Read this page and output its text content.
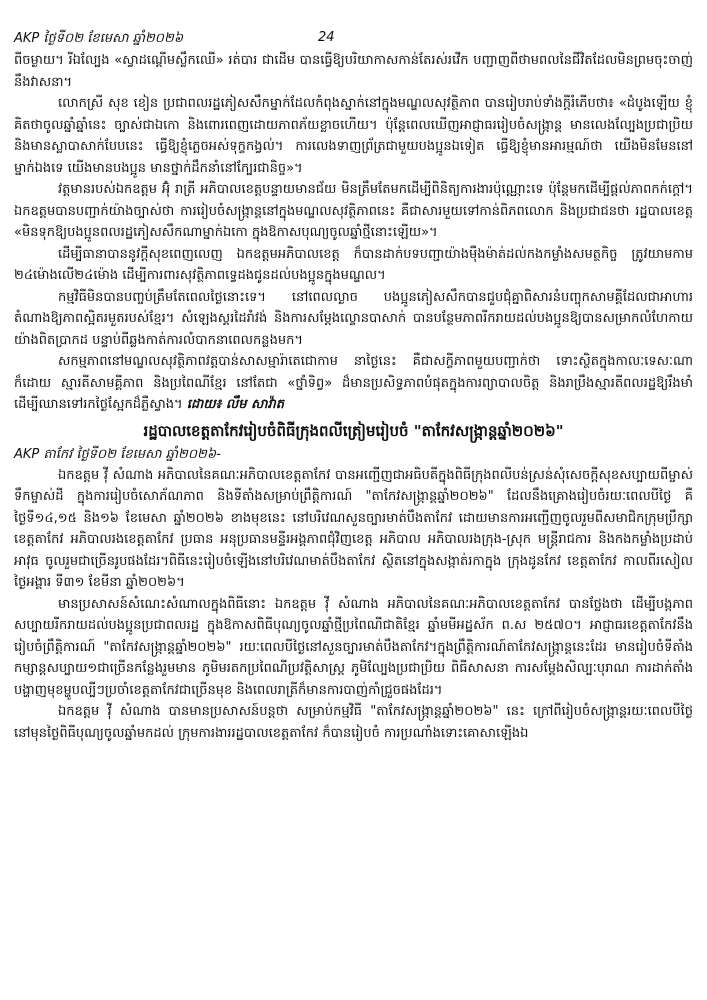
AKP ថ្ងៃទី០២ ខែមេសា ឆ្នាំ២០២៦	24

ពីចម្ងាយ។ រីឯល្បែង «ស្វាដណ្តើមស្លឹកឈើ» រត់បារ ជាដើម បានធ្វើឱ្យបរិយាកាសកាន់តែរស់រវើក បញ្ជាញពីថាមពលនៃជីវិតដែលមិនព្រមចុះចាញ់នឹងវាសនា។

លោកស្រី សុខ ខៀន ប្រជាពលរដ្ឋភៀសសឹកម្នាក់ដែលកំពុងស្នាក់នៅក្នុងមណ្ឌលសុវត្ថិភាព បានរៀបរាប់ទាំងក្តីរំភើបថា៖ «ដំបូងឡើយ ខ្ញុំគិតថាចូលឆ្នាំឆ្នាំនេះ ច្បាស់ជាឯកោ និងពោរពេញដោយភាពភ័យខ្លាចហើយ។ ប៉ុន្តែពេលឃើញអាជ្ញាធររៀបចំសង្ក្រាន្ត មានលេងល្បែងប្រជាប្រិយ និងមានស្លាបាសាក់បែបនេះ ធ្វើឱ្យខ្ញុំភ្លេចអស់ទុក្ខកង្វល់។ ការលេងទាញព្រ័ត្រជាមួយបងប្អូនឯទៀត ធ្វើឱ្យខ្ញុំមានអារម្មណ៍ថា យើងមិនមែននៅម្នាក់ឯងទេ យើងមានបងប្អូន មានថ្នាក់ដឹកនាំនៅក្បែរជានិច្ច»។

វត្តមានរបស់ឯកឧត្តម អ៊ុំ រាត្រី អភិបាលខេត្តបន្ទាយមានជ័យ មិនត្រឹមតែមកដើម្បីពិនិត្យការងារប៉ុណ្ណោះទេ ប៉ុន្តែមកដើម្បីផ្តល់ភាពកក់ក្តៅ។ ឯកឧត្តមបានបញ្ជាក់យ៉ាងច្បាស់ថា ការរៀបចំសង្ក្រាន្តនៅក្នុងមណ្ឌលសុវត្ថិភាពនេះ គឺជាសារមួយទៅកាន់ពិភពលោក និងប្រជាជនថា រដ្ឋបាលខេត្ត «មិនទុកឱ្យបងប្អូនពលរដ្ឋភៀសសឹកណាម្នាក់ឯកោ ក្នុងឱកាសបុណ្យចូលឆ្នាំថ្មីនោះឡើយ»។

ដើម្បីធានាបាននូវក្តីសុខពេញលេញ ឯកឧត្តមអភិបាលខេត្ត ក៏បានដាក់បទបញ្ជាយ៉ាងម៉ឺងម៉ាត់ដល់កងកម្លាំងសមត្ថកិច្ច ត្រូវយាមកាម ២៤ម៉ោងលើ២៤ម៉ោង ដើម្បីការពារសុវត្ថិភាពទ្វេដងជូនដល់បងប្អូនក្នុងមណ្ឌល។

កម្មវិធីមិនបានបញ្ចប់ត្រឹមតែពេលថ្ងៃនោះទេ។ នៅពេលល្ងាច បងប្អូនភៀសសឹកបានជួបជុំគ្នាពិសារនំបញ្ចុកសាមគ្គីដែលជាអាហារតំណាងឱ្យភាពស្អិតរមួតរបស់ខ្មែរ។ សំឡេងស្គរដៃរាំវង់ និងការសម្តែងល្ខោនបាសាក់ បានបន្ថែមភាពរីករាយដល់បងប្អូនឱ្យបានសម្រាកលំហែកាយយ៉ាងពិតប្រាកដ បន្ទាប់ពីឆ្លងកាត់ការលំបាកនាពេលកន្លងមក។

សកម្មភាពនៅមណ្ឌលសុវត្ថិភាពវត្តបាន់សាសម្មារ៉ាតេជោកាម នាថ្ងៃនេះ គឺជាសក្ខីភាពមួយបញ្ជាក់ថា ទោះស្ថិតក្នុងកាលៈទេសៈណាក៏ដោយ ស្មារតីសាមគ្គីភាព និងប្រពៃណីខ្មែរ នៅតែជា «ថ្នាំទិព្វ» ដ៏មានប្រសិទ្ធភាពបំផុតក្នុងការព្យាបាលចិត្ត និងរាប្រឹងស្មារតីពលរដ្ឋឱ្យរឹងមាំ ដើម្បីឈានទៅរកថ្ងៃស្អែកដ៏ភ្លឺស្វាង។ ដោយ៖ លឹម សាវ៉ាត

រដ្ឋបាលខេត្តតាកែវរៀបចំពិធីក្រុងពលីត្រៀមរៀបចំ "តាកែវសង្ក្រាន្តឆ្នាំ២០២៦"
AKP តាកែវ ថ្ងៃទី០២ ខែមេសា ឆ្នាំ២០២៦-

ឯកឧត្តម វ៉ី សំណាង អភិបាលនៃគណៈអភិបាលខេត្តតាកែវ បានអញ្ជើញជាអធិបតីក្នុងពិធីក្រុងពលីបន់ស្រន់សុំសេចក្តីសុខសប្បាយពីម្ចាស់ទឹកម្ចាស់ដី ក្នុងការរៀបចំសោភ័ណភាព និងទីតាំងសម្រាប់ព្រឹត្តិការណ៍ "តាកែវសង្ក្រាន្តឆ្នាំ២០២៦" ដែលនឹងគ្រោងរៀបចំរយៈពេលបីថ្ងៃ គឺថ្ងៃទី១៤,១៥ និង១៦ ខែមេសា ឆ្នាំ២០២៦ ខាងមុខនេះ នៅបរិវេណសួនច្បារមាត់បឹងតាកែវ ដោយមានការអញ្ជើញចូលរួមពីសមាជិកក្រុមប្រឹក្សាខេត្តតាកែវ អភិបាលរងខេត្តតាកែវ ប្រធាន អនុប្រធានមន្ទីរអង្គភាពជុំវិញខេត្ត អភិបាល អភិបាលរងក្រុង-ស្រុក មន្ត្រីរាជការ និងកងកម្លាំងប្រដាប់អាវុធ ចូលរួមជាច្រើនរូបផងដែរ។ពិធីនេះរៀបចំឡើងនៅបរិវេណមាត់បឹងតាកែវ ស្ថិតនៅក្នុងសង្កាត់រកាក្នុង ក្រុងដូនកែវ ខេត្តតាកែវ កាលពីរសៀលថ្ងៃអង្គារ ទី៣១ ខែមីនា ឆ្នាំ២០២៦។

មានប្រសាសន៍សំណេះសំណាលក្នុងពិធីនោះ ឯកឧត្តម វ៉ី សំណាង អភិបាលនៃគណៈអភិបាលខេត្តតាកែវ បានថ្លែងថា ដើម្បីបង្កភាពសប្បាយរីករាយដល់បងប្អូនប្រជាពលរដ្ឋ ក្នុងឱកាសពិធីបុណ្យចូលឆ្នាំថ្មីប្រពៃណីជាតិខ្មែរ ឆ្នាំមមីអដ្ឋស័ក ព.ស ២៥៧០។ អាជ្ញាធរខេត្តតាកែវនឹងរៀបចំព្រឹត្តិការណ៍ "តាកែវសង្ក្រាន្តឆ្នាំ២០២៦" រយៈពេលបីថ្ងៃនៅសួនច្បារមាត់បឹងតាកែវ។ក្នុងព្រឹត្តិការណ៍តាកែវសង្ក្រាន្តនេះដែរ មានរៀបចំទីតាំងកម្សាន្តសប្បាយ១ជាច្រើនកន្លែងរួមមាន ភូមិមរតកប្រពៃណីប្រវត្តិសាស្ត្រ ភូមិល្បែងប្រជាប្រិយ ពិធីសាសនា ការសម្តែងសិល្បៈបុរាណ ការដាក់តាំងបង្ហាញមុខម្ហូបល្បីៗប្រចាំខេត្តតាកែវជាច្រើនមុខ និងពេលរាត្រីក៏មានការបាញ់កាំជ្រួចផងដែរ។

ឯកឧត្តម វ៉ី សំណាង បានមានប្រសាសន៍បន្តថា សម្រាប់កម្មវិធី "តាកែវសង្ក្រាន្តឆ្នាំ២០២៦" នេះ ក្រៅពីរៀបចំសង្ក្រាន្តរយៈពេលបីថ្ងៃ នៅមុនថ្ងៃពិធីបុណ្យចូលឆ្នាំមកដល់ ក្រុមការងាររដ្ឋបាលខេត្តតាកែវ ក៏បានរៀបចំ ការប្រណាំងទោះគោសាឡើងឯ
